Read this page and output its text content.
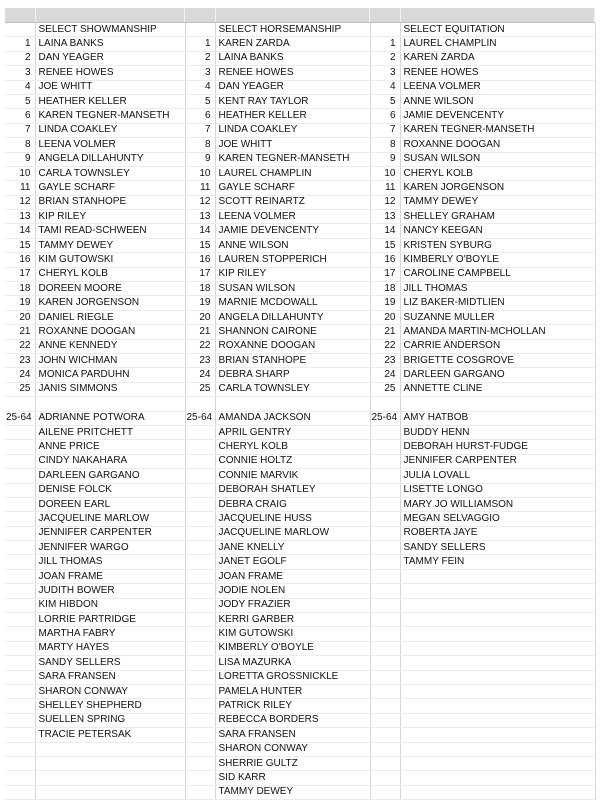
	SELECT SHOWMANSHIP		SELECT HORSEMANSHIP		SELECT EQUITATION
1	LAINA BANKS	1	KAREN ZARDA	1	LAUREL CHAMPLIN
2	DAN YEAGER	2	LAINA BANKS	2	KAREN ZARDA
3	RENEE HOWES	3	RENEE HOWES	3	RENEE HOWES
4	JOE WHITT	4	DAN YEAGER	4	LEENA VOLMER
5	HEATHER KELLER	5	KENT RAY TAYLOR	5	ANNE WILSON
6	KAREN TEGNER-MANSETH	6	HEATHER KELLER	6	JAMIE DEVENCENTY
7	LINDA COAKLEY	7	LINDA COAKLEY	7	KAREN TEGNER-MANSETH
8	LEENA VOLMER	8	JOE WHITT	8	ROXANNE DOOGAN
9	ANGELA DILLAHUNTY	9	KAREN TEGNER-MANSETH	9	SUSAN WILSON
10	CARLA TOWNSLEY	10	LAUREL CHAMPLIN	10	CHERYL KOLB
11	GAYLE SCHARF	11	GAYLE SCHARF	11	KAREN JORGENSON
12	BRIAN STANHOPE	12	SCOTT REINARTZ	12	TAMMY DEWEY
13	KIP RILEY	13	LEENA VOLMER	13	SHELLEY GRAHAM
14	TAMI READ-SCHWEEN	14	JAMIE DEVENCENTY	14	NANCY KEEGAN
15	TAMMY DEWEY	15	ANNE WILSON	15	KRISTEN SYBURG
16	KIM GUTOWSKI	16	LAUREN STOPPERICH	16	KIMBERLY O'BOYLE
17	CHERYL KOLB	17	KIP RILEY	17	CAROLINE CAMPBELL
18	DOREEN MOORE	18	SUSAN WILSON	18	JILL THOMAS
19	KAREN JORGENSON	19	MARNIE MCDOWALL	19	LIZ BAKER-MIDTLIEN
20	DANIEL RIEGLE	20	ANGELA DILLAHUNTY	20	SUZANNE MULLER
21	ROXANNE DOOGAN	21	SHANNON CAIRONE	21	AMANDA MARTIN-MCHOLLAN
22	ANNE KENNEDY	22	ROXANNE DOOGAN	22	CARRIE ANDERSON
23	JOHN WICHMAN	23	BRIAN STANHOPE	23	BRIGETTE COSGROVE
24	MONICA PARDUHN	24	DEBRA SHARP	24	DARLEEN GARGANO
25	JANIS SIMMONS	25	CARLA TOWNSLEY	25	ANNETTE CLINE

25-64	ADRIANNE POTWORA	25-64	AMANDA JACKSON	25-64	AMY HATBOB
	AILENE PRITCHETT		APRIL GENTRY		BUDDY HENN
	ANNE PRICE		CHERYL KOLB		DEBORAH HURST-FUDGE
	CINDY NAKAHARA		CONNIE HOLTZ		JENNIFER CARPENTER
	DARLEEN GARGANO		CONNIE MARVIK		JULIA LOVALL
	DENISE FOLCK		DEBORAH SHATLEY		LISETTE LONGO
	DOREEN EARL		DEBRA CRAIG		MARY JO WILLIAMSON
	JACQUELINE MARLOW		JACQUELINE HUSS		MEGAN SELVAGGIO
	JENNIFER CARPENTER		JACQUELINE MARLOW		ROBERTA JAYE
	JENNIFER WARGO		JANE KNELLY		SANDY SELLERS
	JILL THOMAS		JANET EGOLF		TAMMY FEIN
	JOAN FRAME		JOAN FRAME		
	JUDITH BOWER		JODIE NOLEN		
	KIM HIBDON		JODY FRAZIER		
	LORRIE PARTRIDGE		KERRI GARBER		
	MARTHA FABRY		KIM GUTOWSKI		
	MARTY HAYES		KIMBERLY O'BOYLE		
	SANDY SELLERS		LISA MAZURKA		
	SARA FRANSEN		LORETTA GROSSNICKLE		
	SHARON CONWAY		PAMELA HUNTER		
	SHELLEY SHEPHERD		PATRICK RILEY		
	SUELLEN SPRING		REBECCA BORDERS		
	TRACIE PETERSAK		SARA FRANSEN		
			SHARON CONWAY		
			SHERRIE GULTZ		
			SID KARR		
			TAMMY DEWEY		
